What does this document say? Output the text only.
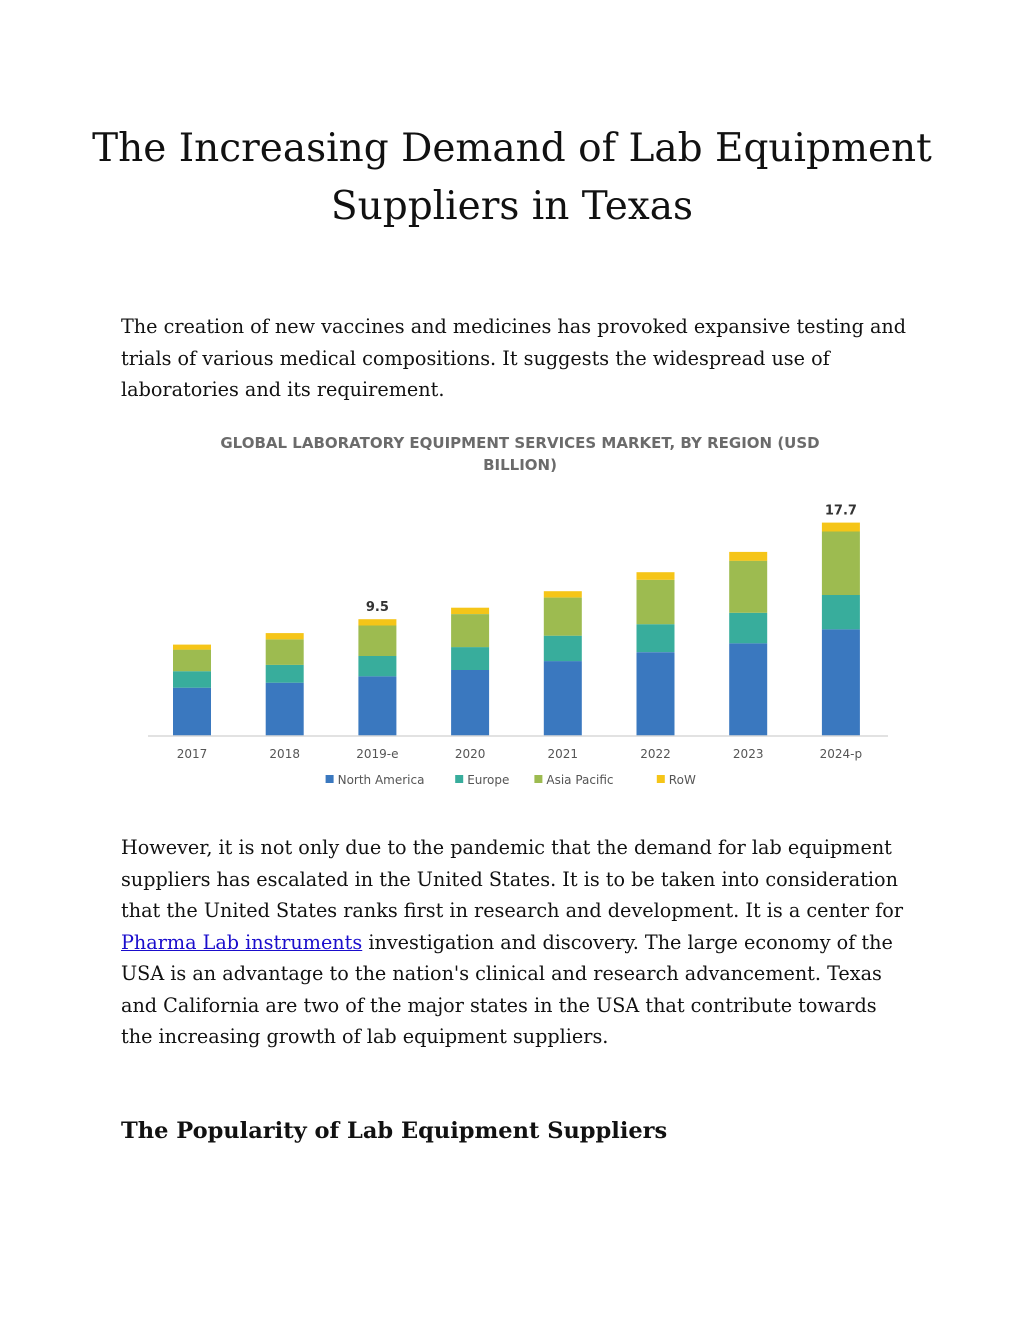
The Increasing Demand of Lab Equipment
Suppliers in Texas

The creation of new vaccines and medicines has provoked expansive testing and trials of various medical compositions. It suggests the widespread use of laboratories and its requirement.

GLOBAL LABORATORY EQUIPMENT SERVICES MARKET, BY REGION (USD
BILLION)
2017	2018	2019-e	2020	2021	2022	2023	2024-p
9.5
17.7
North America	Europe	Asia Pacific	RoW

However, it is not only due to the pandemic that the demand for lab equipment suppliers has escalated in the United States. It is to be taken into consideration that the United States ranks first in research and development. It is a center for Pharma Lab instruments investigation and discovery. The large economy of the USA is an advantage to the nation's clinical and research advancement. Texas and California are two of the major states in the USA that contribute towards the increasing growth of lab equipment suppliers.

The Popularity of Lab Equipment Suppliers
